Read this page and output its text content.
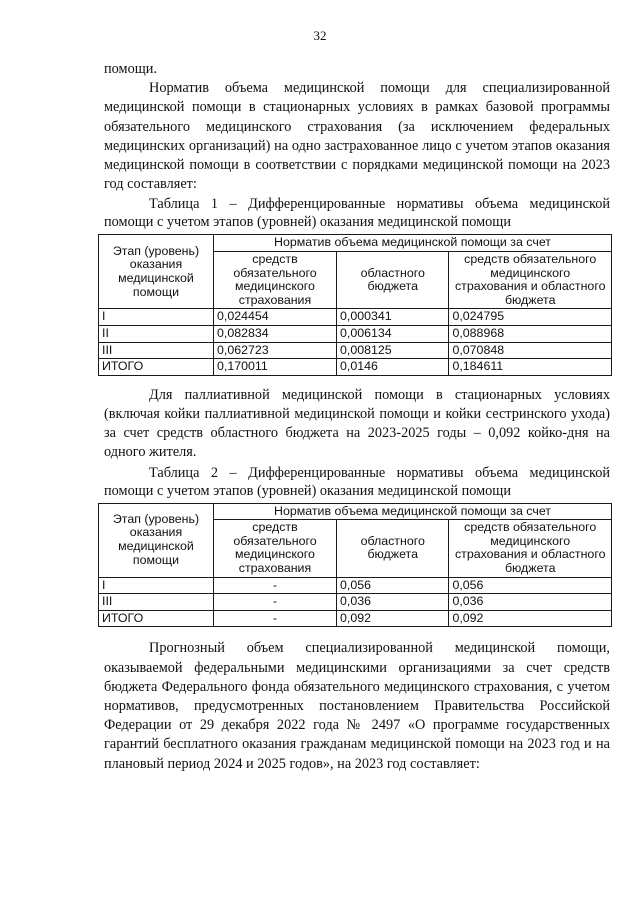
32

помощи.

Норматив объема медицинской помощи для специализированной медицинской помощи в стационарных условиях в рамках базовой программы обязательного медицинского страхования (за исключением федеральных медицинских организаций) на одно застрахованное лицо с учетом этапов оказания медицинской помощи в соответствии с порядками медицинской помощи на 2023 год составляет:

Таблица 1 – Дифференцированные нормативы объема медицинской помощи с учетом этапов (уровней) оказания медицинской помощи

Этап (уровень) оказания медицинской помощи	Норматив объема медицинской помощи за счет		
	средств обязательного медицинского страхования	областного бюджета	средств обязательного медицинского страхования и областного бюджета
I	0,024454	0,000341	0,024795
II	0,082834	0,006134	0,088968
III	0,062723	0,008125	0,070848
ИТОГО	0,170011	0,0146	0,184611

Для паллиативной медицинской помощи в стационарных условиях (включая койки паллиативной медицинской помощи и койки сестринского ухода) за счет средств областного бюджета на 2023-2025 годы – 0,092 койко-дня на одного жителя.

Таблица 2 – Дифференцированные нормативы объема медицинской помощи с учетом этапов (уровней) оказания медицинской помощи

Этап (уровень) оказания медицинской помощи	Норматив объема медицинской помощи за счет		
	средств обязательного медицинского страхования	областного бюджета	средств обязательного медицинского страхования и областного бюджета
I	-	0,056	0,056
III	-	0,036	0,036
ИТОГО	-	0,092	0,092

Прогнозный объем специализированной медицинской помощи, оказываемой федеральными медицинскими организациями за счет средств бюджета Федерального фонда обязательного медицинского страхования, с учетом нормативов, предусмотренных постановлением Правительства Российской Федерации от 29 декабря 2022 года № 2497 «О программе государственных гарантий бесплатного оказания гражданам медицинской помощи на 2023 год и на плановый период 2024 и 2025 годов», на 2023 год составляет:
